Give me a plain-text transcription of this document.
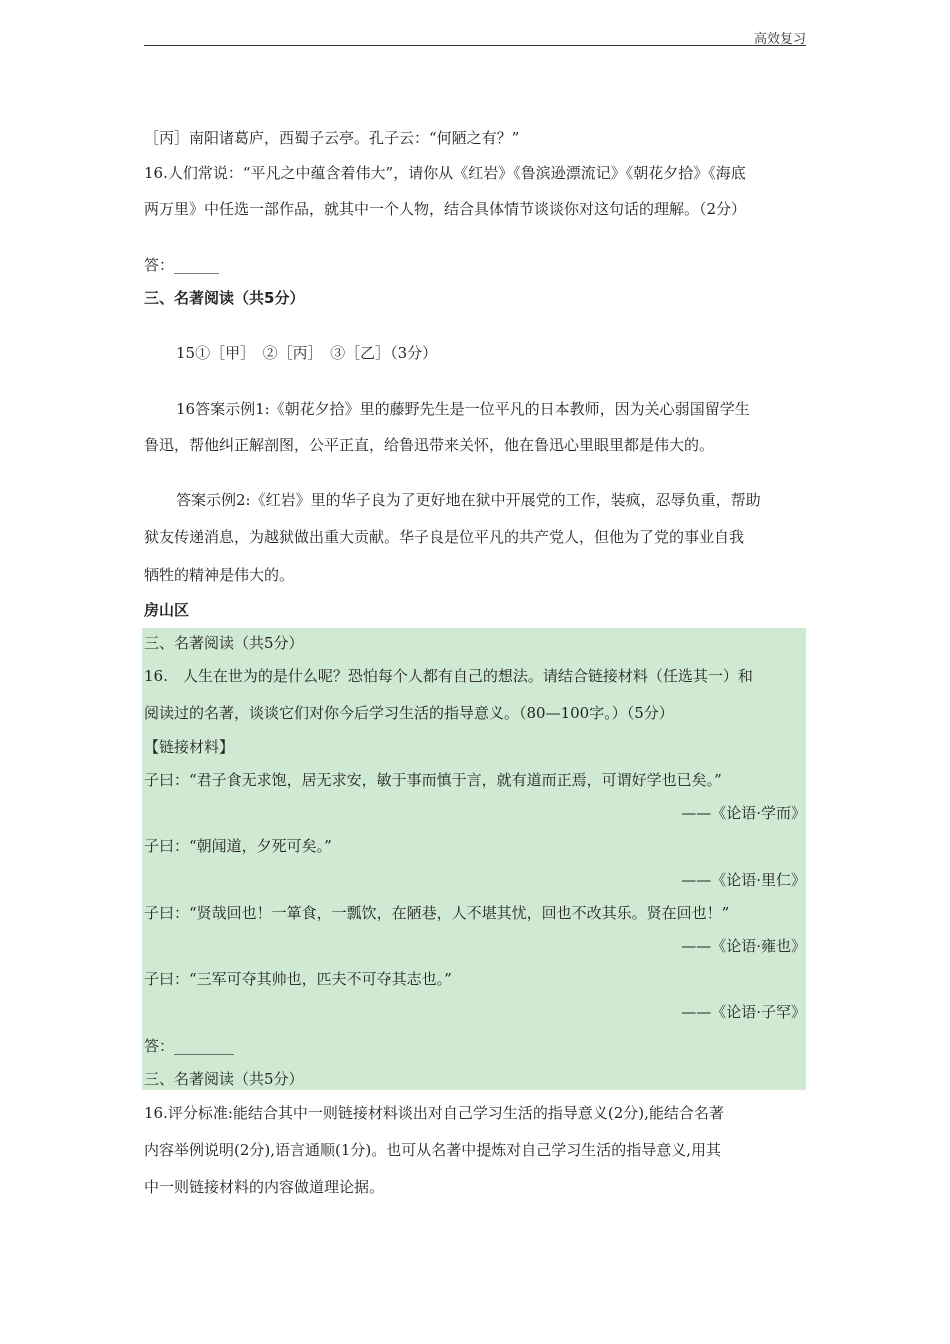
高效复习
［丙］南阳诸葛庐，西蜀子云亭。孔子云：“何陋之有？”
16.人们常说：“平凡之中蕴含着伟大”，请你从《红岩》《鲁滨逊漂流记》《朝花夕拾》《海底
两万里》中任选一部作品，就其中一个人物，结合具体情节谈谈你对这句话的理解。（2分）
答：______
三、名著阅读（共5分）
15①［甲］　②［丙］　③［乙］（3分）
16答案示例1:《朝花夕拾》里的藤野先生是一位平凡的日本教师，因为关心弱国留学生
鲁迅，帮他纠正解剖图，公平正直，给鲁迅带来关怀，他在鲁迅心里眼里都是伟大的。
答案示例2:《红岩》里的华子良为了更好地在狱中开展党的工作，装疯，忍辱负重，帮助
狱友传递消息，为越狱做出重大贡献。华子良是位平凡的共产党人，但他为了党的事业自我
牺牲的精神是伟大的。
房山区
三、名著阅读（共5分）
16.　人生在世为的是什么呢？恐怕每个人都有自己的想法。请结合链接材料（任选其一）和
阅读过的名著，谈谈它们对你今后学习生活的指导意义。（80—100字。）（5分）
【链接材料】
子曰：“君子食无求饱，居无求安，敏于事而慎于言，就有道而正焉，可谓好学也已矣。”
——《论语·学而》
子曰：“朝闻道，夕死可矣。”
——《论语·里仁》
子曰：“贤哉回也！一箪食，一瓢饮，在陋巷，人不堪其忧，回也不改其乐。贤在回也！”
——《论语·雍也》
子曰：“三军可夺其帅也，匹夫不可夺其志也。”
——《论语·子罕》
答：________
三、名著阅读（共5分）
16.评分标准:能结合其中一则链接材料谈出对自己学习生活的指导意义(2分),能结合名著
内容举例说明(2分),语言通顺(1分)。也可从名著中提炼对自己学习生活的指导意义,用其
中一则链接材料的内容做道理论据。
